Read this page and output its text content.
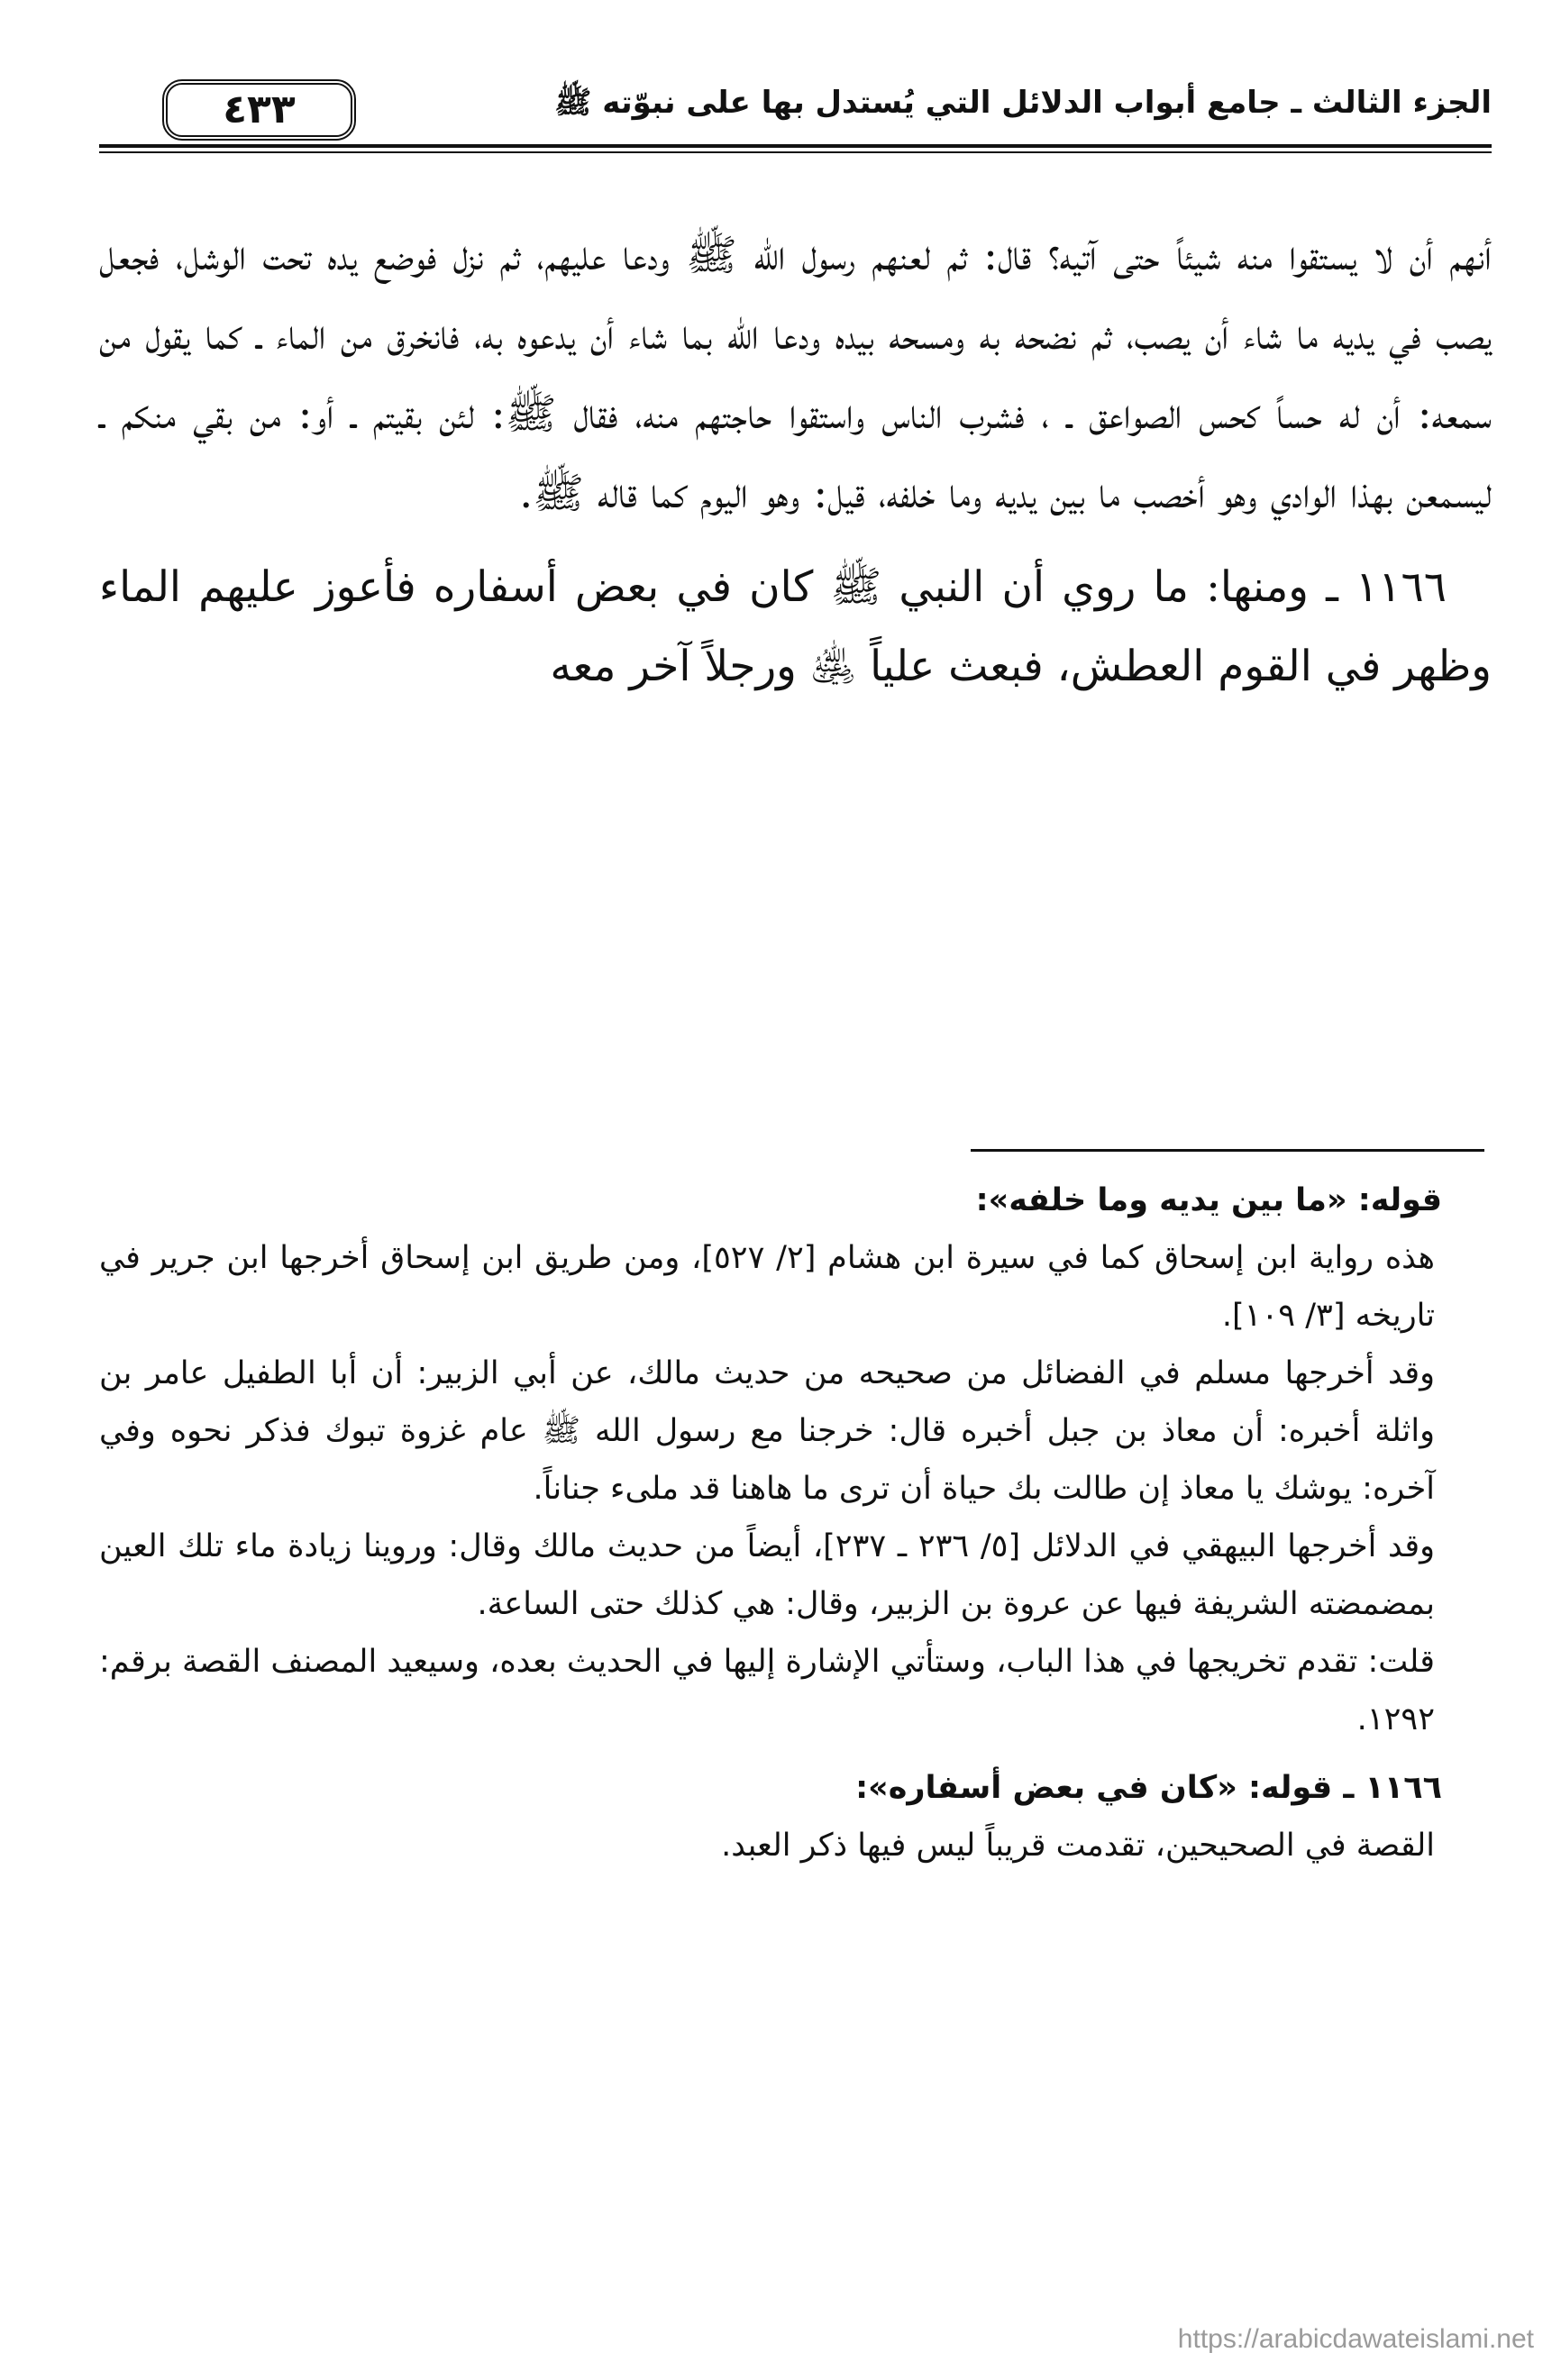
الجزء الثالث ـ جامع أبواب الدلائل التي يُستدل بها على نبوّته ﷺ
٤٣٣

أنهم أن لا يستقوا منه شيئاً حتى آتيه؟ قال: ثم لعنهم رسول الله ﷺ ودعا عليهم، ثم نزل فوضع يده تحت الوشل، فجعل يصب في يديه ما شاء أن يصب، ثم نضحه به ومسحه بيده ودعا الله بما شاء أن يدعوه به، فانخرق من الماء ـ كما يقول من سمعه: أن له حساً كحس الصواعق ـ ، فشرب الناس واستقوا حاجتهم منه، فقال ﷺ: لئن بقيتم ـ أو: من بقي منكم ـ ليسمعن بهذا الوادي وهو أخصب ما بين يديه وما خلفه، قيل: وهو اليوم كما قاله ﷺ.

١١٦٦ ـ ومنها: ما روي أن النبي ﷺ كان في بعض أسفاره فأعوز عليهم الماء وظهر في القوم العطش، فبعث علياً ﵁ ورجلاً آخر معه

قوله: «ما بين يديه وما خلفه»:

هذه رواية ابن إسحاق كما في سيرة ابن هشام [٢/ ٥٢٧]، ومن طريق ابن إسحاق أخرجها ابن جرير في تاريخه [٣/ ١٠٩].

وقد أخرجها مسلم في الفضائل من صحيحه من حديث مالك، عن أبي الزبير: أن أبا الطفيل عامر بن واثلة أخبره: أن معاذ بن جبل أخبره قال: خرجنا مع رسول الله ﷺ عام غزوة تبوك فذكر نحوه وفي آخره: يوشك يا معاذ إن طالت بك حياة أن ترى ما هاهنا قد ملىء جناناً.

وقد أخرجها البيهقي في الدلائل [٥/ ٢٣٦ ـ ٢٣٧]، أيضاً من حديث مالك وقال: وروينا زيادة ماء تلك العين بمضمضته الشريفة فيها عن عروة بن الزبير، وقال: هي كذلك حتى الساعة.

قلت: تقدم تخريجها في هذا الباب، وستأتي الإشارة إليها في الحديث بعده، وسيعيد المصنف القصة برقم: ١٢٩٢.

١١٦٦ ـ قوله: «كان في بعض أسفاره»:

القصة في الصحيحين، تقدمت قريباً ليس فيها ذكر العبد.

https://arabicdawateislami.net
